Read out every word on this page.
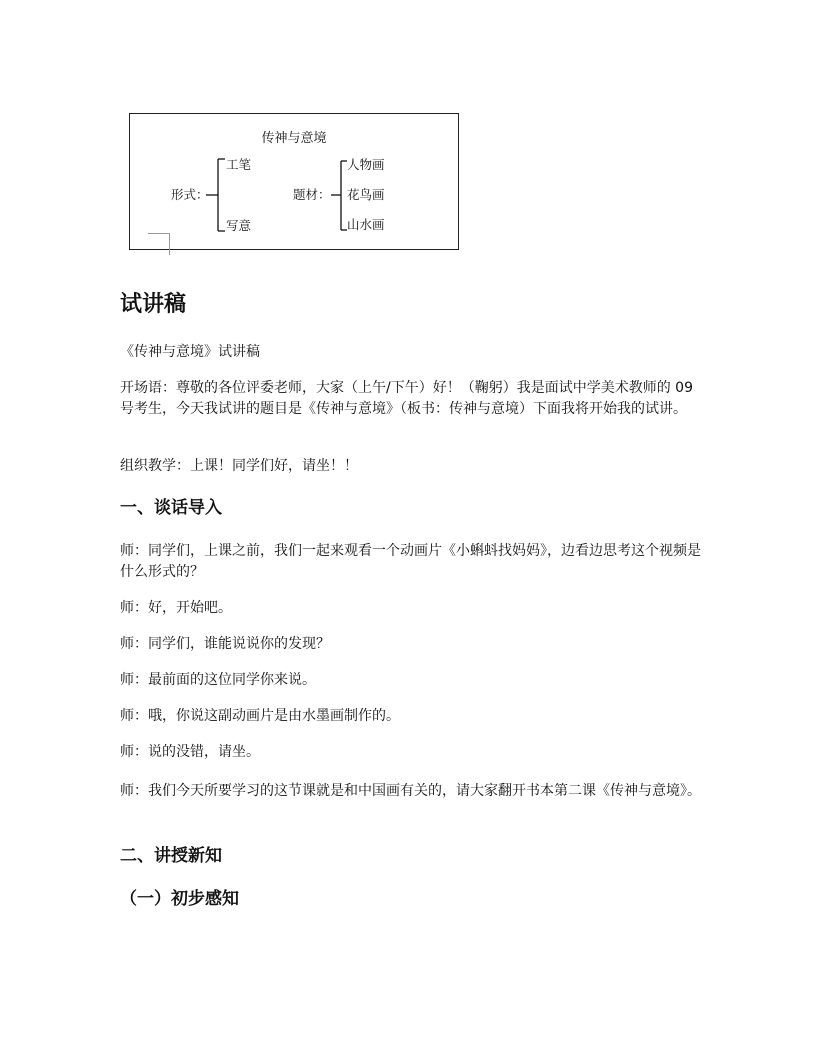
传神与意境
形式：
工笔
写意
题材：
人物画
花鸟画
山水画
试讲稿

《传神与意境》试讲稿

开场语：尊敬的各位评委老师，大家（上午/下午）好！（鞠躬）我是面试中学美术教师的 09 号考生，今天我试讲的题目是《传神与意境》（板书：传神与意境）下面我将开始我的试讲。

组织教学：上课！同学们好，请坐！！

一、谈话导入

师：同学们，上课之前，我们一起来观看一个动画片《小蝌蚪找妈妈》，边看边思考这个视频是什么形式的？

师：好，开始吧。

师：同学们，谁能说说你的发现？

师：最前面的这位同学你来说。

师：哦，你说这副动画片是由水墨画制作的。

师：说的没错，请坐。

师：我们今天所要学习的这节课就是和中国画有关的，请大家翻开书本第二课《传神与意境》。

二、讲授新知
（一）初步感知
